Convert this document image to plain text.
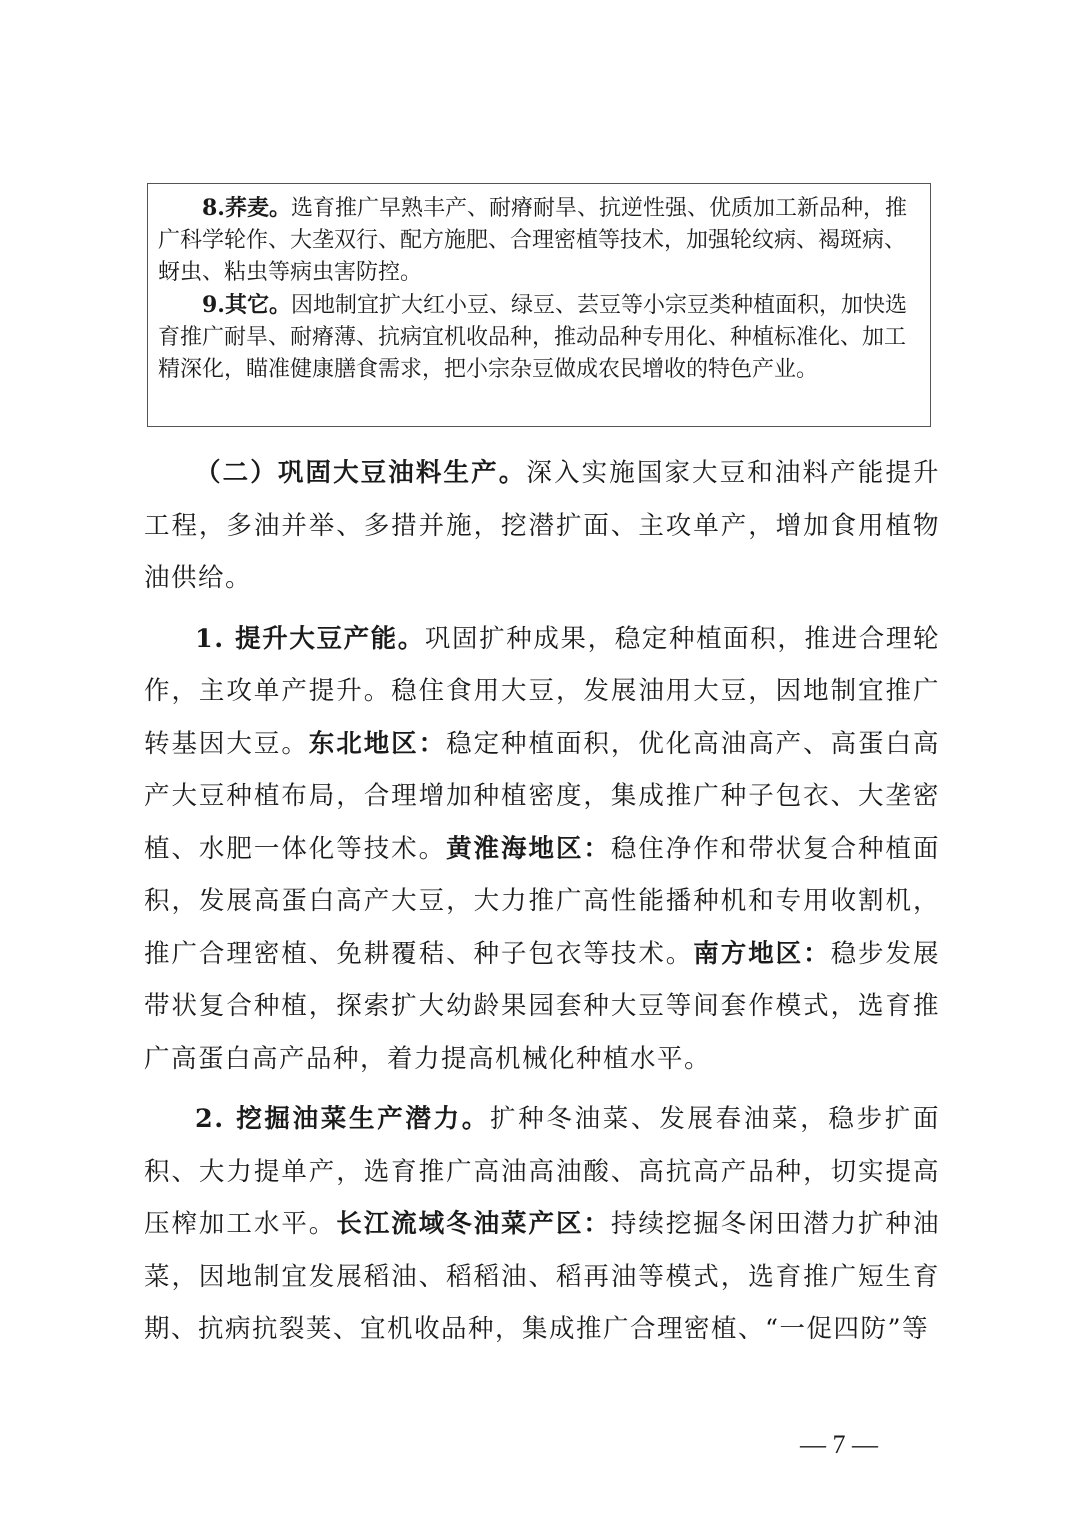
8.荞麦。选育推广早熟丰产、耐瘠耐旱、抗逆性强、优质加工新品种，推广科学轮作、大垄双行、配方施肥、合理密植等技术，加强轮纹病、褐斑病、蚜虫、粘虫等病虫害防控。

9.其它。因地制宜扩大红小豆、绿豆、芸豆等小宗豆类种植面积，加快选育推广耐旱、耐瘠薄、抗病宜机收品种，推动品种专用化、种植标准化、加工精深化，瞄准健康膳食需求，把小宗杂豆做成农民增收的特色产业。

（二）巩固大豆油料生产。深入实施国家大豆和油料产能提升工程，多油并举、多措并施，挖潜扩面、主攻单产，增加食用植物油供给。

1. 提升大豆产能。巩固扩种成果，稳定种植面积，推进合理轮作，主攻单产提升。稳住食用大豆，发展油用大豆，因地制宜推广转基因大豆。东北地区：稳定种植面积，优化高油高产、高蛋白高产大豆种植布局，合理增加种植密度，集成推广种子包衣、大垄密植、水肥一体化等技术。黄淮海地区：稳住净作和带状复合种植面积，发展高蛋白高产大豆，大力推广高性能播种机和专用收割机，推广合理密植、免耕覆秸、种子包衣等技术。南方地区：稳步发展带状复合种植，探索扩大幼龄果园套种大豆等间套作模式，选育推广高蛋白高产品种，着力提高机械化种植水平。

2. 挖掘油菜生产潜力。扩种冬油菜、发展春油菜，稳步扩面积、大力提单产，选育推广高油高油酸、高抗高产品种，切实提高压榨加工水平。长江流域冬油菜产区：持续挖掘冬闲田潜力扩种油菜，因地制宜发展稻油、稻稻油、稻再油等模式，选育推广短生育期、抗病抗裂荚、宜机收品种，集成推广合理密植、“一促四防”等

— 7 —
